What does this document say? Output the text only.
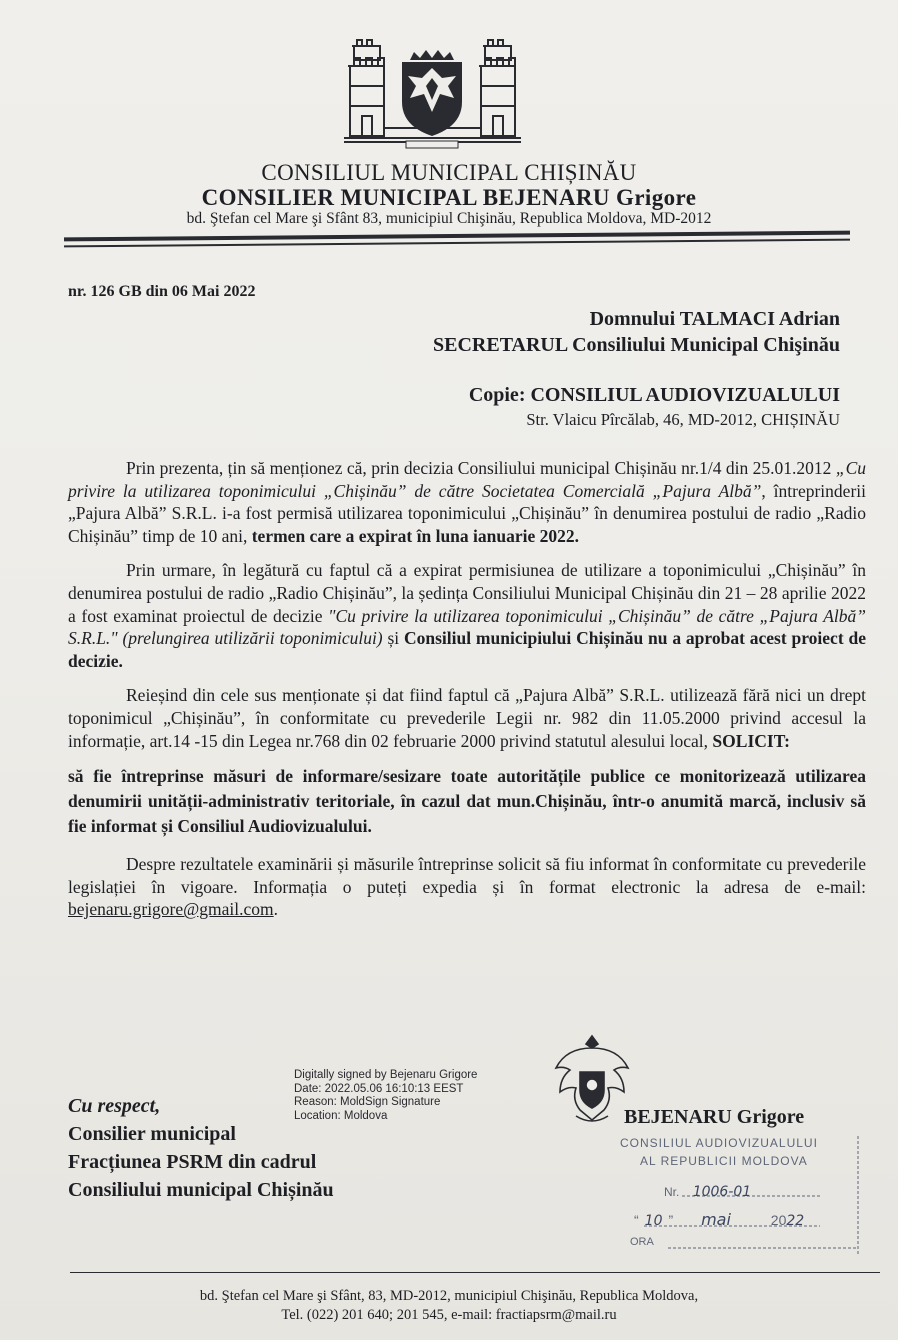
CONSILIUL MUNICIPAL CHIȘINĂU
CONSILIER MUNICIPAL BEJENARU Grigore
bd. Ştefan cel Mare şi Sfânt 83, municipiul Chişinău, Republica Moldova, MD-2012
nr. 126 GB din 06 Mai 2022
Domnului TALMACI Adrian
SECRETARUL Consiliului Municipal Chişinău
Copie: CONSILIUL AUDIOVIZUALULUI
Str. Vlaicu Pîrcălab, 46, MD-2012, CHIȘINĂU

Prin prezenta, țin să menționez că, prin decizia Consiliului municipal Chișinău nr.1/4 din 25.01.2012 „Cu privire la utilizarea toponimicului „Chișinău” de către Societatea Comercială „Pajura Albă”, întreprinderii „Pajura Albă” S.R.L. i-a fost permisă utilizarea toponimicului „Chișinău” în denumirea postului de radio „Radio Chișinău” timp de 10 ani, termen care a expirat în luna ianuarie 2022.

Prin urmare, în legătură cu faptul că a expirat permisiunea de utilizare a toponimicului „Chișinău” în denumirea postului de radio „Radio Chișinău”, la ședința Consiliului Municipal Chișinău din 21 – 28 aprilie 2022 a fost examinat proiectul de decizie "Cu privire la utilizarea toponimicului „Chișinău” de către „Pajura Albă” S.R.L." (prelungirea utilizării toponimicului) și Consiliul municipiului Chișinău nu a aprobat acest proiect de decizie.

Reieșind din cele sus menționate și dat fiind faptul că „Pajura Albă” S.R.L. utilizează fără nici un drept toponimicul „Chișinău”, în conformitate cu prevederile Legii nr. 982 din 11.05.2000 privind accesul la informație, art.14 -15 din Legea nr.768 din 02 februarie 2000 privind statutul alesului local, SOLICIT:

să fie întreprinse măsuri de informare/sesizare toate autoritățile publice ce monitorizează utilizarea denumirii unității-administrativ teritoriale, în cazul dat mun.Chișinău, într-o anumită marcă, inclusiv să fie informat și Consiliul Audiovizualului.

Despre rezultatele examinării și măsurile întreprinse solicit să fiu informat în conformitate cu prevederile legislației în vigoare. Informația o puteți expedia și în format electronic la adresa de e-mail: bejenaru.grigore@gmail.com.

Digitally signed by Bejenaru Grigore
Date: 2022.05.06 16:10:13 EEST
Reason: MoldSign Signature
Location: Moldova
Cu respect,
Consilier municipal
Fracțiunea PSRM din cadrul
Consiliului municipal Chișinău
BEJENARU Grigore
CONSILIUL AUDIOVIZUALULUI
AL REPUBLICII MOLDOVA
Nr. 1006-01
“ 10 ” mai	2022
ORA
bd. Ştefan cel Mare şi Sfânt, 83, MD-2012, municipiul Chişinău, Republica Moldova,
Tel. (022) 201 640; 201 545, e-mail: fractiapsrm@mail.ru
